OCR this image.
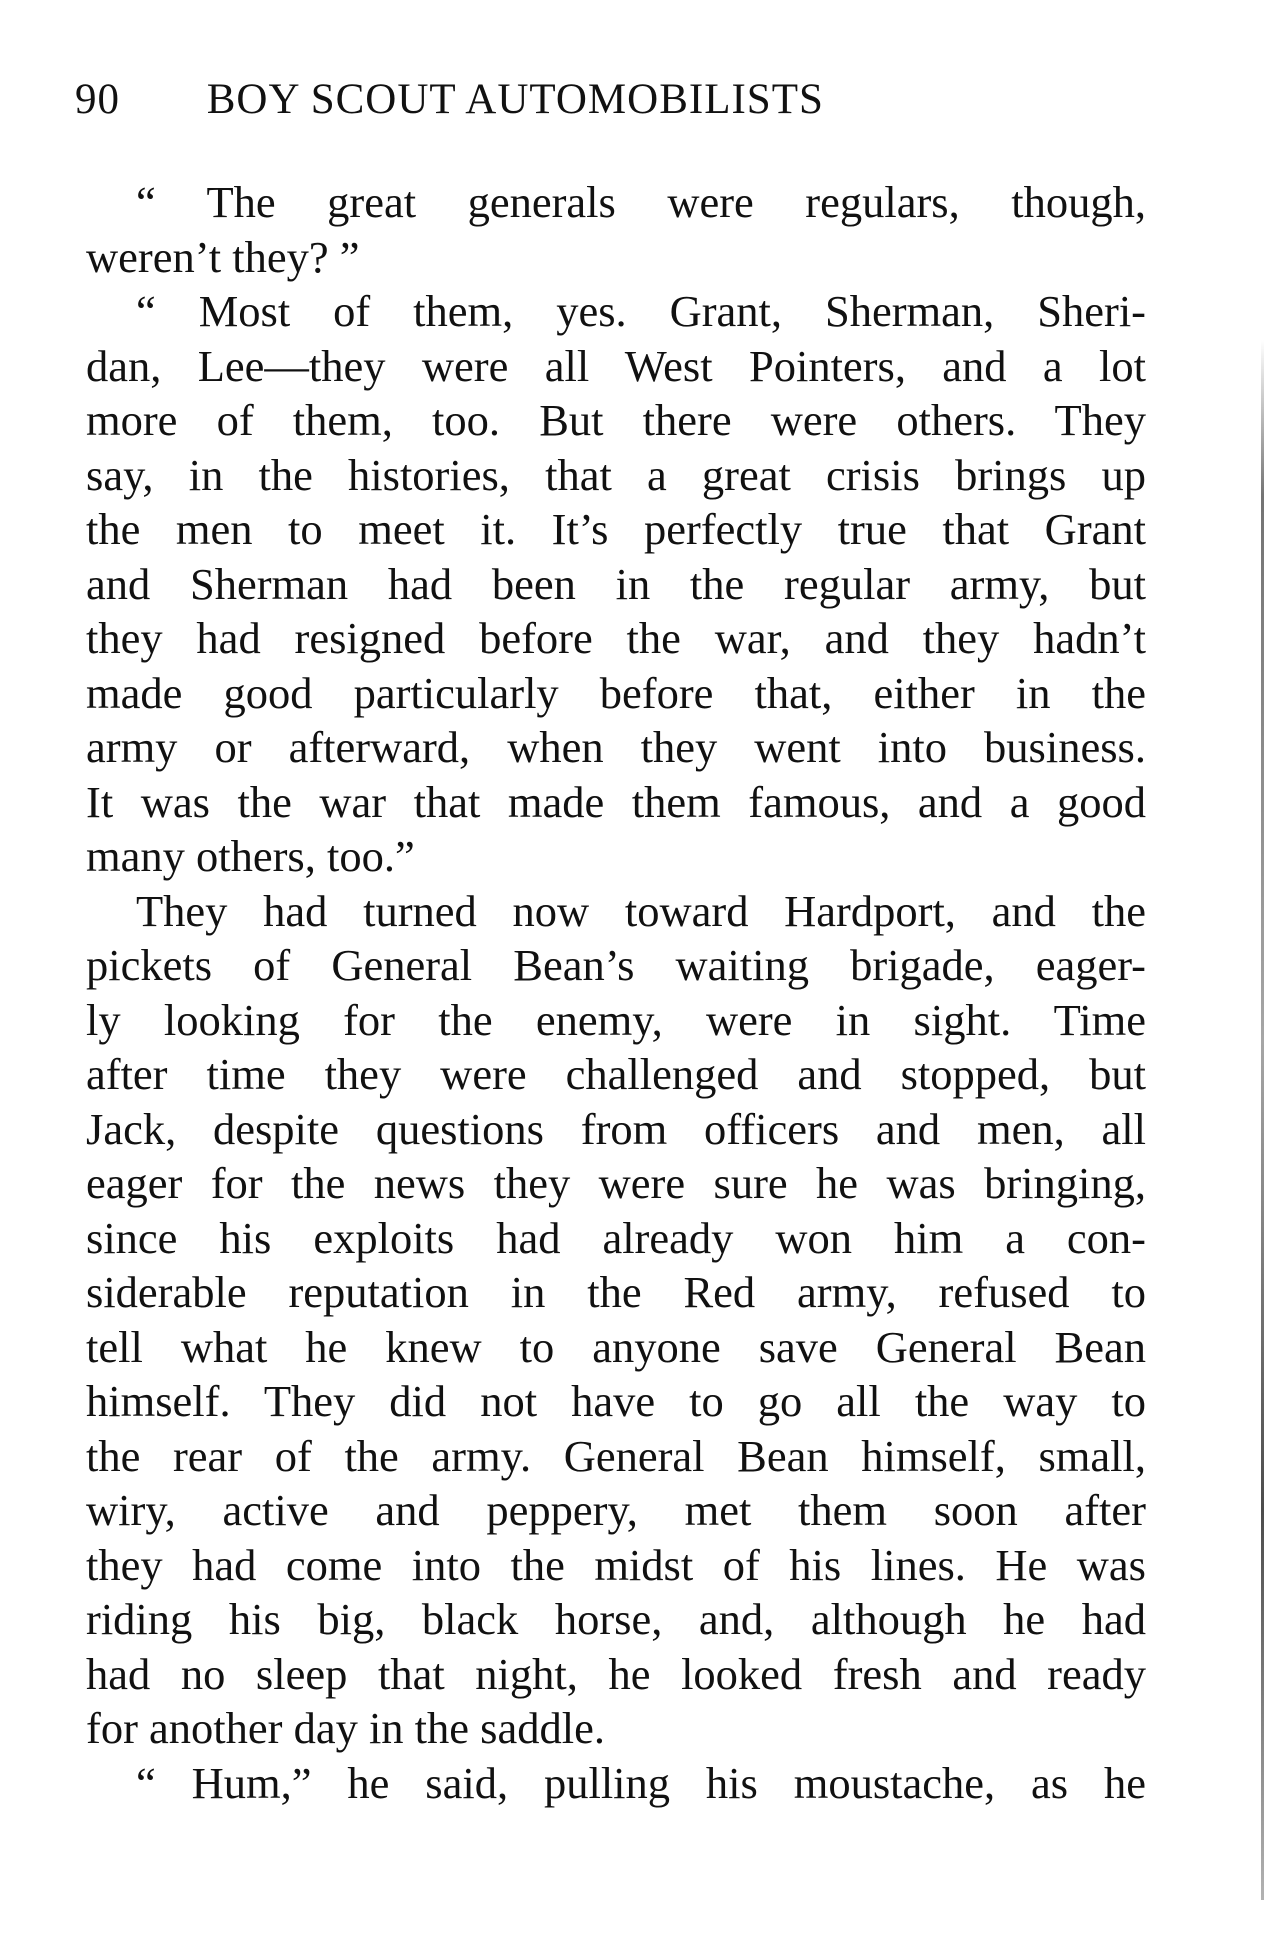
90 BOY SCOUT AUTOMOBILISTS
“ The great generals were regulars, though,
weren’t they? ”
“ Most of them, yes. Grant, Sherman, Sheri-
dan, Lee—they were all West Pointers, and a lot
more of them, too. But there were others. They
say, in the histories, that a great crisis brings up
the men to meet it. It’s perfectly true that Grant
and Sherman had been in the regular army, but
they had resigned before the war, and they hadn’t
made good particularly before that, either in the
army or afterward, when they went into business.
It was the war that made them famous, and a good
many others, too.”
They had turned now toward Hardport, and the
pickets of General Bean’s waiting brigade, eager-
ly looking for the enemy, were in sight. Time
after time they were challenged and stopped, but
Jack, despite questions from officers and men, all
eager for the news they were sure he was bringing,
since his exploits had already won him a con-
siderable reputation in the Red army, refused to
tell what he knew to anyone save General Bean
himself. They did not have to go all the way to
the rear of the army. General Bean himself, small,
wiry, active and peppery, met them soon after
they had come into the midst of his lines. He was
riding his big, black horse, and, although he had
had no sleep that night, he looked fresh and ready
for another day in the saddle.
“ Hum,” he said, pulling his moustache, as he
